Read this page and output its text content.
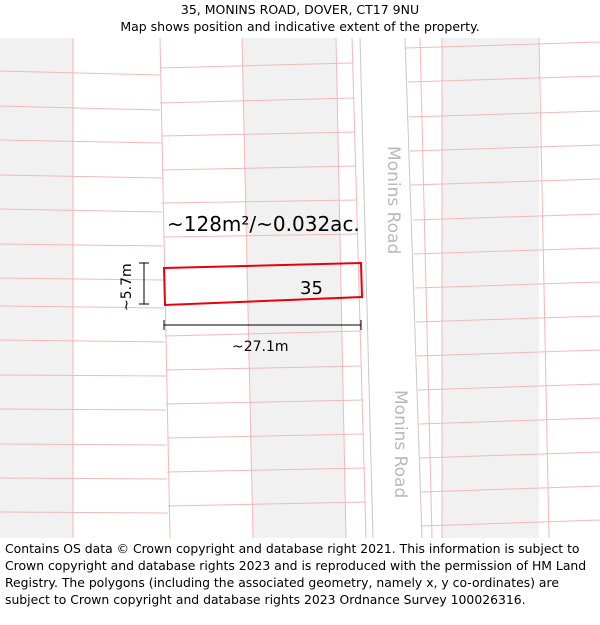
35, MONINS ROAD, DOVER, CT17 9NU
Map shows position and indicative extent of the property.
Monins Road
Monins Road
~128m²/~0.032ac.
35
~5.7m
~27.1m
Contains OS data © Crown copyright and database right 2021. This information is subject to Crown copyright and database rights 2023 and is reproduced with the permission of HM Land Registry. The polygons (including the associated geometry, namely x, y co-ordinates) are subject to Crown copyright and database rights 2023 Ordnance Survey 100026316.
